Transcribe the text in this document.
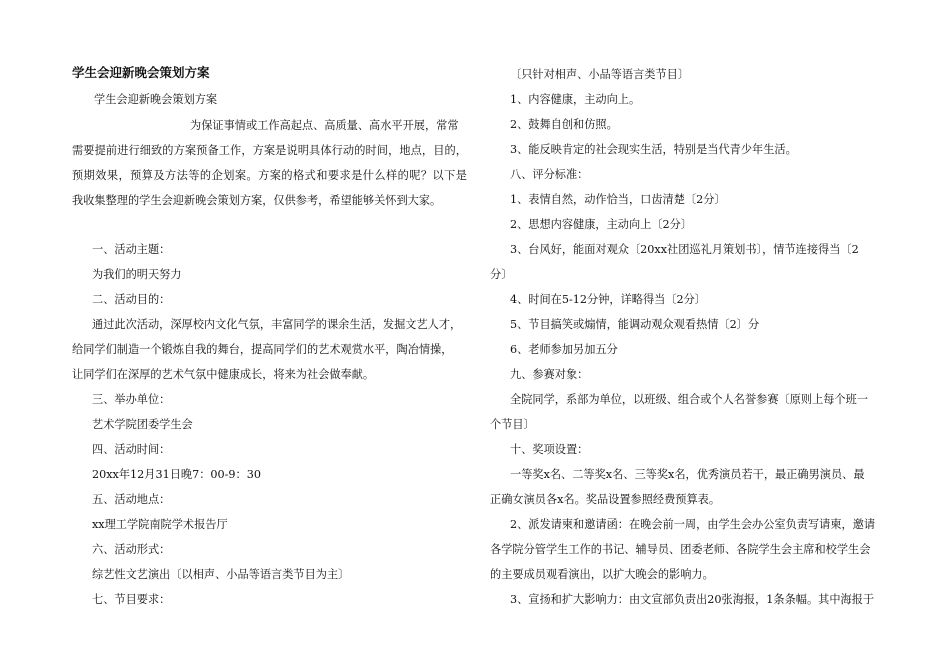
学生会迎新晚会策划方案
学生会迎新晚会策划方案
为保证事情或工作高起点、高质量、高水平开展，常常
需要提前进行细致的方案预备工作，方案是说明具体行动的时间，地点，目的，
预期效果，预算及方法等的企划案。方案的格式和要求是什么样的呢？以下是
我收集整理的学生会迎新晚会策划方案，仅供参考，希望能够关怀到大家。
一、活动主题：
为我们的明天努力
二、活动目的：
通过此次活动，深厚校内文化气氛，丰富同学的课余生活，发掘文艺人才，
给同学们制造一个锻炼自我的舞台，提高同学们的艺术观赏水平，陶冶情操，
让同学们在深厚的艺术气氛中健康成长，将来为社会做奉献。
三、举办单位：
艺术学院团委学生会
四、活动时间：
20xx年12月31日晚7：00-9：30
五、活动地点：
xx理工学院南院学术报告厅
六、活动形式：
综艺性文艺演出〔以相声、小品等语言类节目为主〕
七、节目要求：
〔只针对相声、小品等语言类节目〕
1、内容健康，主动向上。
2、鼓舞自创和仿照。
3、能反映肯定的社会现实生活，特别是当代青少年生活。
八、评分标准：
1、表情自然，动作恰当，口齿清楚〔2分〕
2、思想内容健康，主动向上〔2分〕
3、台风好，能面对观众〔20xx社团巡礼月策划书〕，情节连接得当〔2
分〕
4、时间在5-12分钟，详略得当〔2分〕
5、节目搞笑或煽情，能调动观众观看热情〔2〕分
6、老师参加另加五分
九、参赛对象：
全院同学，系部为单位，以班级、组合或个人名誉参赛〔原则上每个班一
个节目〕
十、奖项设置：
一等奖x名、二等奖x名、三等奖x名，优秀演员若干，最正确男演员、最
正确女演员各x名。奖品设置参照经费预算表。
2、派发请柬和邀请函：在晚会前一周，由学生会办公室负责写请柬，邀请
各学院分管学生工作的书记、辅导员、团委老师、各院学生会主席和校学生会
的主要成员观看演出，以扩大晚会的影响力。
3、宣扬和扩大影响力：由文宣部负责出20张海报，1条条幅。其中海报于
